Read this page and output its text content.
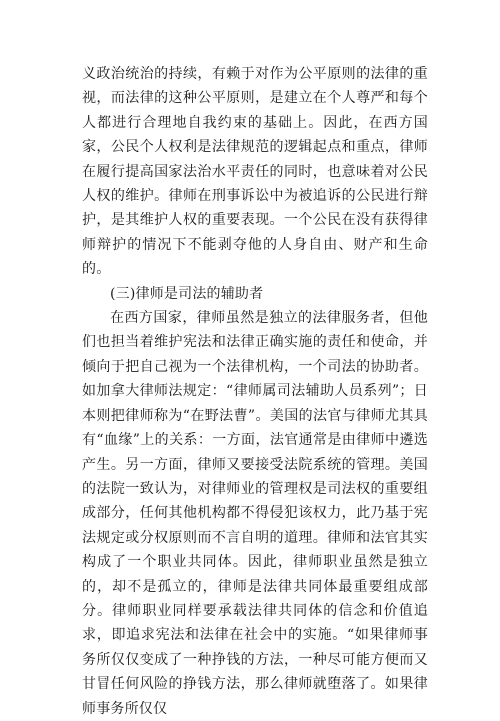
义政治统治的持续，有赖于对作为公平原则的法律的重视，而法律的这种公平原则，是建立在个人尊严和每个人都进行合理地自我约束的基础上。因此，在西方国家，公民个人权利是法律规范的逻辑起点和重点，律师在履行提高国家法治水平责任的同时，也意味着对公民人权的维护。律师在刑事诉讼中为被追诉的公民进行辩护，是其维护人权的重要表现。一个公民在没有获得律师辩护的情况下不能剥夺他的人身自由、财产和生命的。

(三)律师是司法的辅助者

在西方国家，律师虽然是独立的法律服务者，但他们也担当着维护宪法和法律正确实施的责任和使命，并倾向于把自己视为一个法律机构，一个司法的协助者。如加拿大律师法规定：“律师属司法辅助人员系列”；日本则把律师称为“在野法曹”。美国的法官与律师尤其具有“血缘”上的关系：一方面，法官通常是由律师中遴选产生。另一方面，律师又要接受法院系统的管理。美国的法院一致认为，对律师业的管理权是司法权的重要组成部分，任何其他机构都不得侵犯该权力，此乃基于宪法规定或分权原则而不言自明的道理。律师和法官其实构成了一个职业共同体。因此，律师职业虽然是独立的，却不是孤立的，律师是法律共同体最重要组成部分。律师职业同样要承载法律共同体的信念和价值追求，即追求宪法和法律在社会中的实施。“如果律师事务所仅仅变成了一种挣钱的方法，一种尽可能方便而又甘冒任何风险的挣钱方法，那么律师就堕落了。如果律师事务所仅仅
